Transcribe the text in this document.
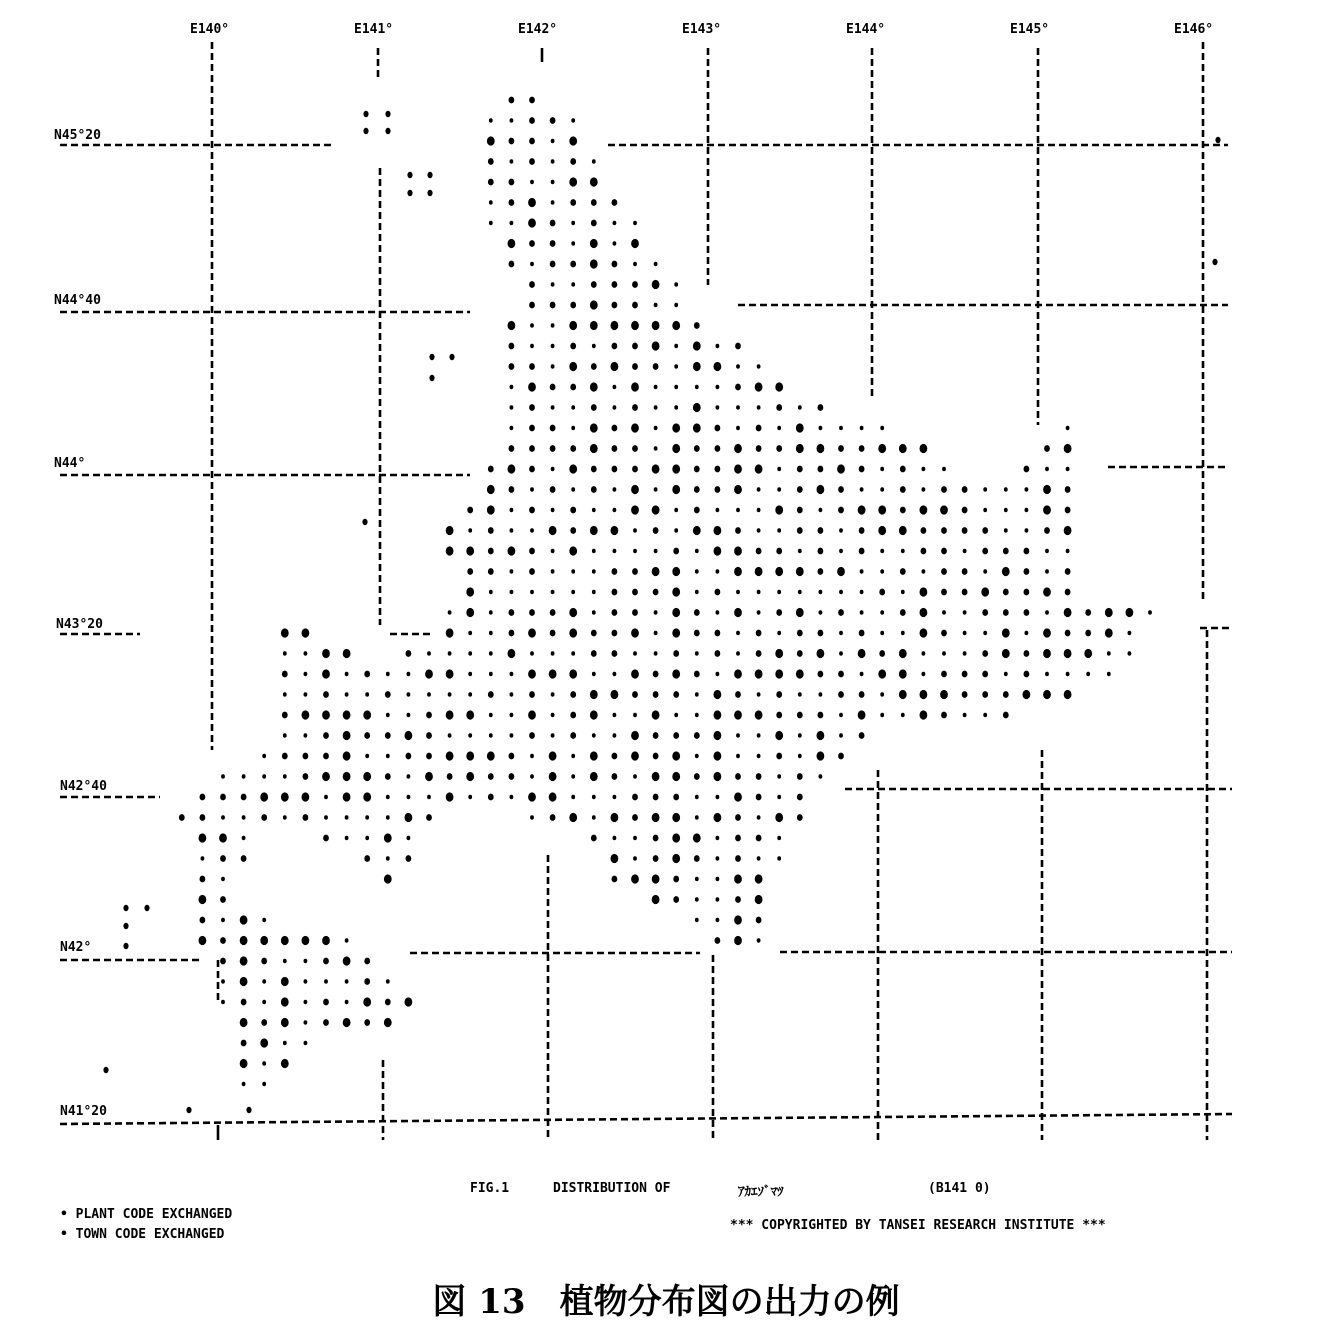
E140°	E141°	E142°	E143°	E144°	E145°	E146°
N45°20
N44°40
N44°
N43°20
N42°40
N42°
N41°20
FIG.1	DISTRIBUTION OF	ｱｶｴｿﾞﾏﾂ	(B141 0)
• PLANT CODE EXCHANGED
• TOWN CODE EXCHANGED
*** COPYRIGHTED BY TANSEI RESEARCH INSTITUTE ***
図 13　植物分布図の出力の例
